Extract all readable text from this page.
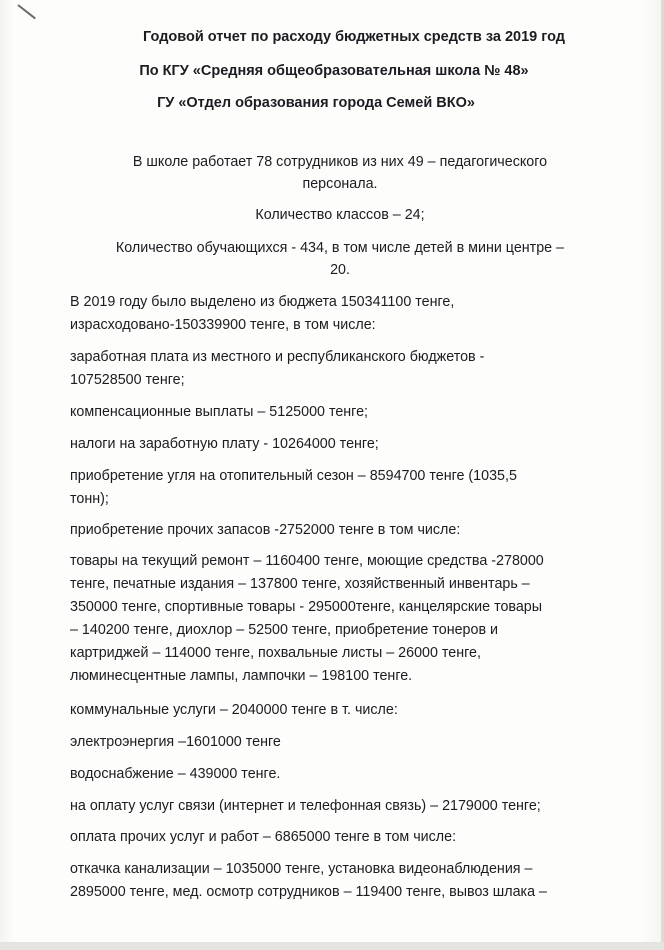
Годовой отчет по расходу бюджетных средств за 2019 год
По КГУ «Средняя общеобразовательная школа № 48»
ГУ «Отдел образования города Семей ВКО»
В школе работает 78 сотрудников из них 49 – педагогического
персонала.
Количество классов – 24;
Количество обучающихся - 434, в том числе детей в мини центре –
20.
В 2019 году было выделено из бюджета 150341100 тенге,
израсходовано-150339900 тенге, в том числе:
заработная плата из местного и республиканского бюджетов -
107528500 тенге;
компенсационные выплаты – 5125000 тенге;
налоги на заработную плату - 10264000 тенге;
приобретение угля на отопительный сезон – 8594700 тенге (1035,5
тонн);
приобретение прочих запасов -2752000 тенге в том числе:
товары на текущий ремонт – 1160400 тенге, моющие средства -278000
тенге, печатные издания – 137800 тенге, хозяйственный инвентарь –
350000 тенге, спортивные товары - 295000тенге, канцелярские товары
– 140200 тенге, диохлор – 52500 тенге, приобретение тонеров и
картриджей – 114000 тенге, похвальные листы – 26000 тенге,
люминесцентные лампы, лампочки – 198100 тенге.
коммунальные услуги – 2040000 тенге в т. числе:
электроэнергия –1601000 тенге
водоснабжение – 439000 тенге.
на оплату услуг связи (интернет и телефонная связь) – 2179000 тенге;
оплата прочих услуг и работ – 6865000 тенге в том числе:
откачка канализации – 1035000 тенге, установка видеонаблюдения –
2895000 тенге, мед. осмотр сотрудников – 119400 тенге, вывоз шлака –
